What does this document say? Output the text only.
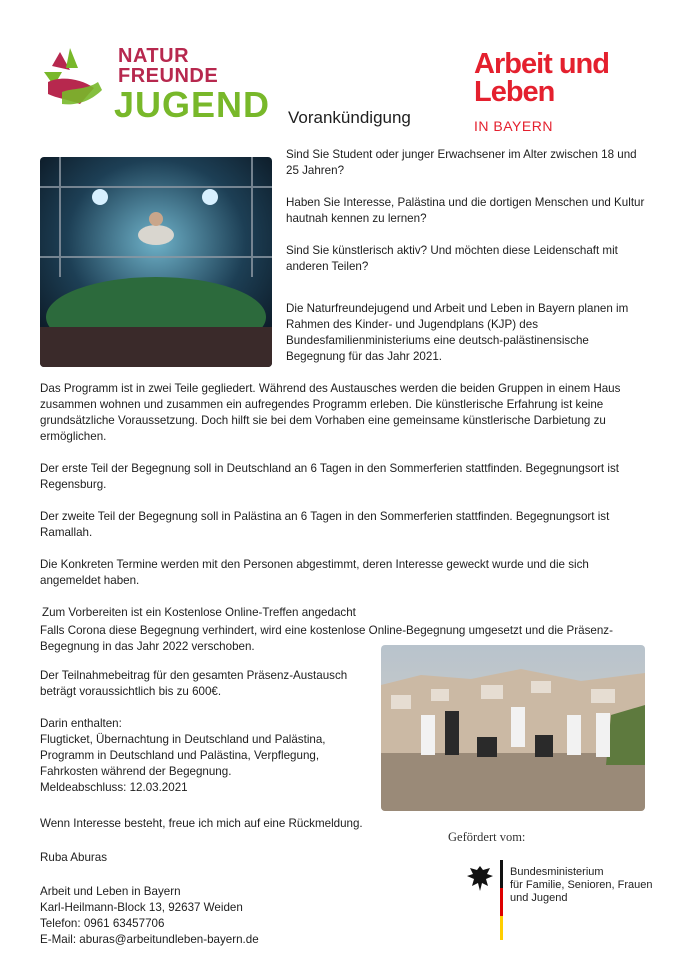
NATUR
FREUNDE
JUGEND
Arbeit und
Leben
IN BAYERN
Vorankündigung

Sind Sie Student oder junger Erwachsener im Alter zwischen 18 und 25 Jahren?

Haben Sie Interesse, Palästina und die dortigen Menschen und Kultur hautnah kennen zu lernen?

Sind Sie künstlerisch aktiv? Und möchten diese Leidenschaft mit anderen Teilen?

Die Naturfreundejugend und Arbeit und Leben in Bayern planen im Rahmen des Kinder- und Jugendplans (KJP) des Bundesfamilienministeriums eine deutsch-palästinensische Begegnung für das Jahr 2021.

Das Programm ist in zwei Teile gegliedert. Während des Austausches werden die beiden Gruppen in einem Haus zusammen wohnen und zusammen ein aufregendes Programm erleben. Die künstlerische Erfahrung ist keine grundsätzliche Voraussetzung. Doch hilft sie bei dem Vorhaben eine gemeinsame künstlerische Darbietung zu ermöglichen.

Der erste Teil der Begegnung soll in Deutschland an 6 Tagen in den Sommerferien stattfinden. Begegnungsort ist Regensburg.

Der zweite Teil der Begegnung soll in Palästina an 6 Tagen in den Sommerferien stattfinden. Begegnungsort ist Ramallah.

Die Konkreten Termine werden mit den Personen abgestimmt, deren Interesse geweckt wurde und die sich angemeldet haben.

Zum Vorbereiten ist ein Kostenlose Online-Treffen angedacht

Falls Corona diese Begegnung verhindert, wird eine kostenlose Online-Begegnung umgesetzt und die Präsenz-Begegnung in das Jahr 2022 verschoben.

Der Teilnahmebeitrag für den gesamten Präsenz-Austausch beträgt voraussichtlich bis zu 600€.

Darin enthalten:
Flugticket, Übernachtung in Deutschland und Palästina,
Programm in Deutschland und Palästina, Verpflegung,
Fahrkosten während der Begegnung.
Meldeabschluss: 12.03.2021

Wenn Interesse besteht, freue ich mich auf eine Rückmeldung.

Ruba Aburas

Arbeit und Leben in Bayern
Karl-Heilmann-Block 13, 92637 Weiden
Telefon: 0961 63457706
E-Mail: aburas@arbeitundleben-bayern.de
Gefördert vom:
Bundesministerium
für Familie, Senioren, Frauen
und Jugend
